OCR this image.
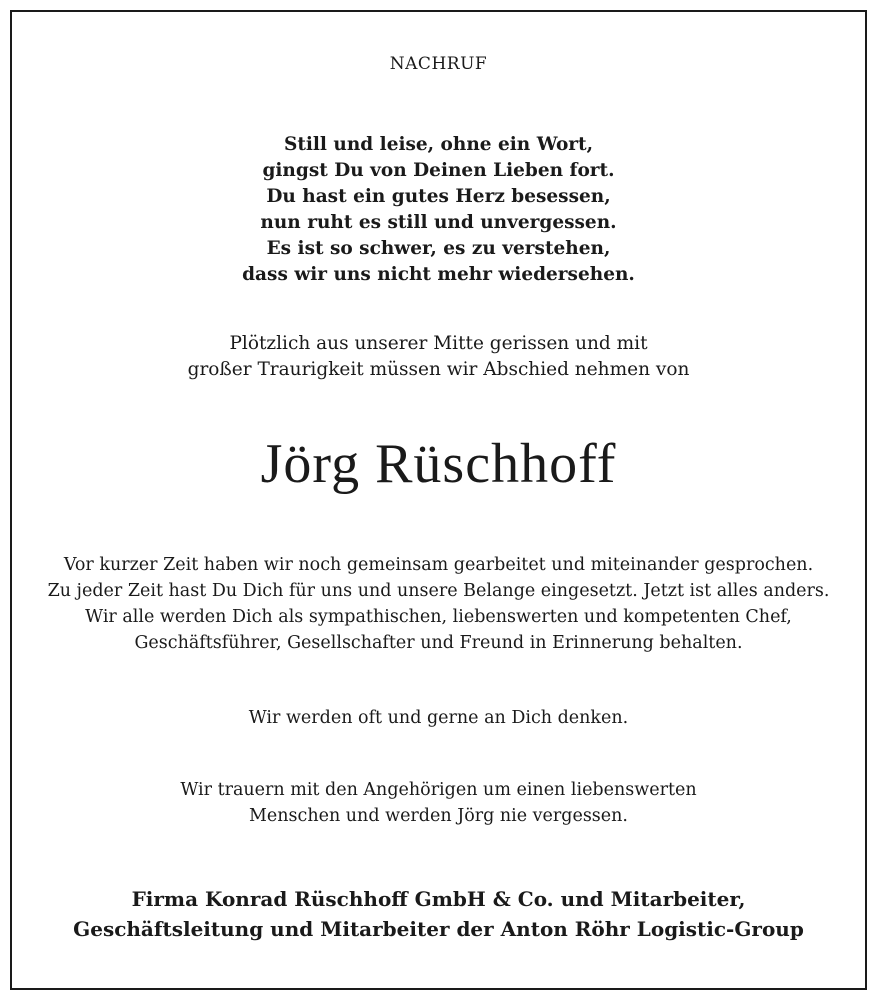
NACHRUF
Still und leise, ohne ein Wort,
gingst Du von Deinen Lieben fort.
Du hast ein gutes Herz besessen,
nun ruht es still und unvergessen.
Es ist so schwer, es zu verstehen,
dass wir uns nicht mehr wiedersehen.
Plötzlich aus unserer Mitte gerissen und mit
großer Traurigkeit müssen wir Abschied nehmen von
Jörg Rüschhoff
Vor kurzer Zeit haben wir noch gemeinsam gearbeitet und miteinander gesprochen.
Zu jeder Zeit hast Du Dich für uns und unsere Belange eingesetzt. Jetzt ist alles anders.
Wir alle werden Dich als sympathischen, liebenswerten und kompetenten Chef,
Geschäftsführer, Gesellschafter und Freund in Erinnerung behalten.
Wir werden oft und gerne an Dich denken.
Wir trauern mit den Angehörigen um einen liebenswerten
Menschen und werden Jörg nie vergessen.
Firma Konrad Rüschhoff GmbH & Co. und Mitarbeiter,
Geschäftsleitung und Mitarbeiter der Anton Röhr Logistic-Group
